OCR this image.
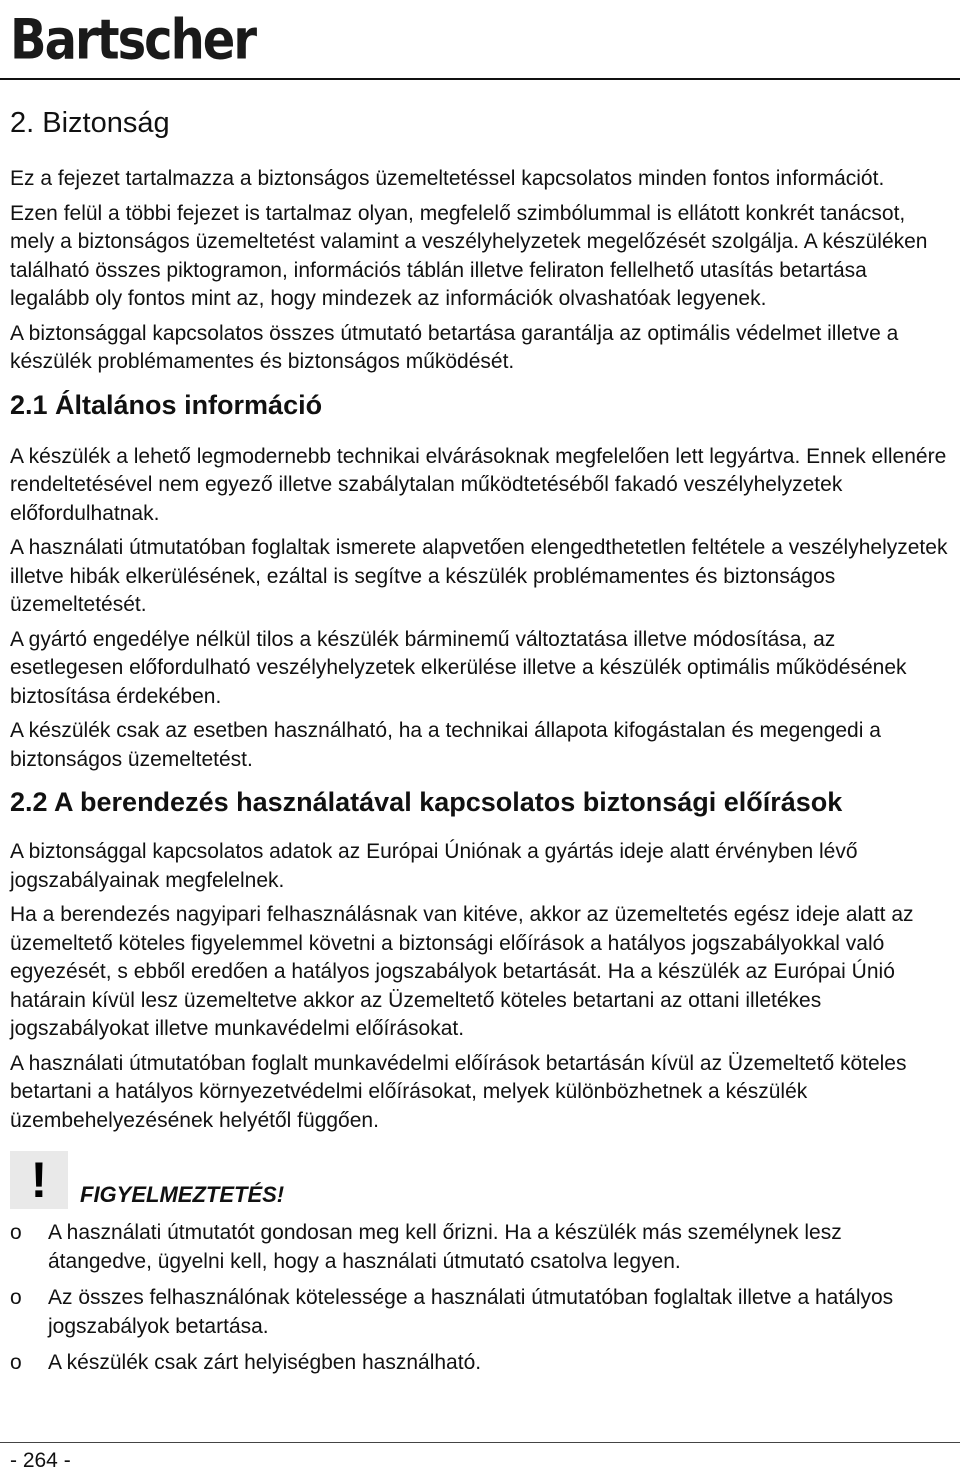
Bartscher
2. Biztonság

Ez a fejezet tartalmazza a biztonságos üzemeltetéssel kapcsolatos minden fontos információt.

Ezen felül a többi fejezet is tartalmaz olyan, megfelelő szimbólummal is ellátott konkrét tanácsot, mely a biztonságos üzemeltetést valamint a veszélyhelyzetek megelőzését szolgálja. A készüléken található összes piktogramon, információs táblán illetve feliraton fellelhető utasítás betartása legalább oly fontos mint az, hogy mindezek az információk olvashatóak legyenek.

A biztonsággal kapcsolatos összes útmutató betartása garantálja az optimális védelmet illetve a készülék problémamentes és biztonságos működését.

2.1 Általános információ

A készülék a lehető legmodernebb technikai elvárásoknak megfelelően lett legyártva. Ennek ellenére rendeltetésével nem egyező illetve szabálytalan működtetéséből fakadó veszélyhelyzetek előfordulhatnak.

A használati útmutatóban foglaltak ismerete alapvetően elengedthetetlen feltétele a veszélyhelyzetek illetve hibák elkerülésének, ezáltal is segítve a készülék problémamentes és biztonságos üzemeltetését.

A gyártó engedélye nélkül tilos a készülék bárminemű változtatása illetve módosítása, az esetlegesen előfordulható veszélyhelyzetek elkerülése illetve a készülék optimális működésének biztosítása érdekében.

A készülék csak az esetben használható, ha a technikai állapota kifogástalan és megengedi a biztonságos üzemeltetést.

2.2 A berendezés használatával kapcsolatos biztonsági előírások

A biztonsággal kapcsolatos adatok az Európai Úniónak a gyártás ideje alatt érvényben lévő jogszabályainak megfelelnek.

Ha a berendezés nagyipari felhasználásnak van kitéve, akkor az üzemeltetés egész ideje alatt az üzemeltető köteles figyelemmel követni a biztonsági előírások a hatályos jogszabályokkal való egyezését, s ebből eredően a hatályos jogszabályok betartását. Ha a készülék az Európai Únió határain kívül lesz üzemeltetve akkor az Üzemeltető köteles betartani az ottani illetékes jogszabályokat illetve munkavédelmi előírásokat.

A használati útmutatóban foglalt munkavédelmi előírások betartásán kívül az Üzemeltető köteles betartani a hatályos környezetvédelmi előírásokat, melyek különbözhetnek a készülék üzembehelyezésének helyétől függően.

!	FIGYELMEZTETÉS!
o	A használati útmutatót gondosan meg kell őrizni. Ha a készülék más személynek lesz átangedve, ügyelni kell, hogy a használati útmutató csatolva legyen.
o	Az összes felhasználónak kötelessége a használati útmutatóban foglaltak illetve a hatályos jogszabályok betartása.
o	A készülék csak zárt helyiségben használható.
- 264 -
